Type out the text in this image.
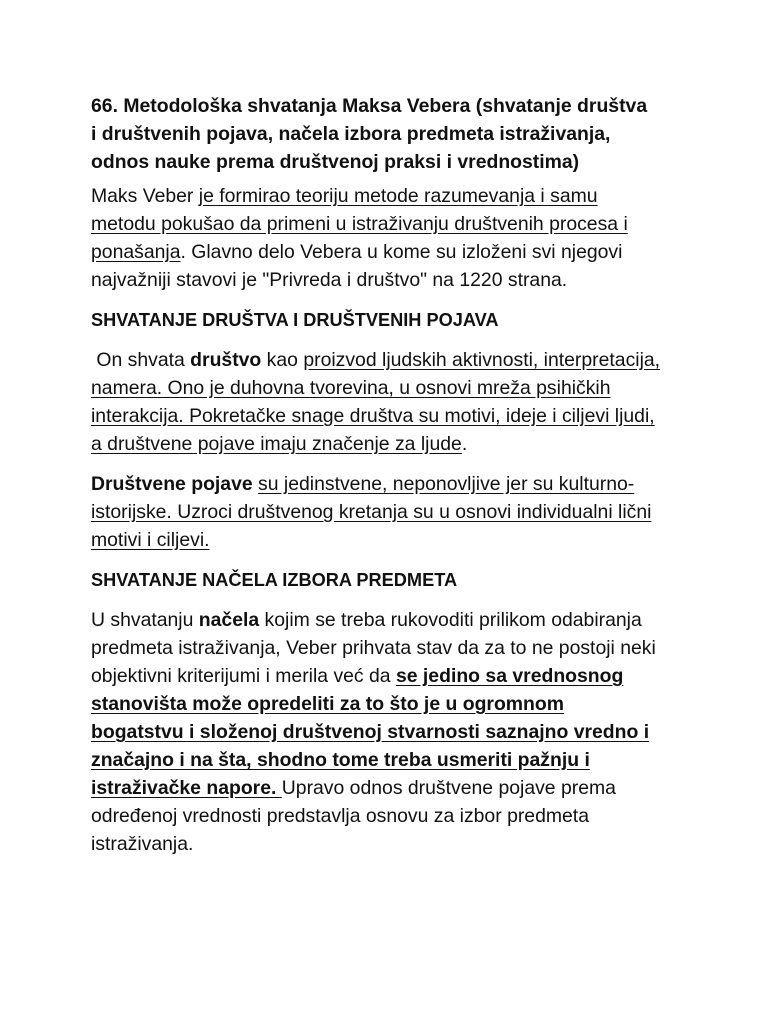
66. Metodološka shvatanja Maksa Vebera (shvatanje društva
i društvenih pojava, načela izbora predmeta istraživanja,
odnos nauke prema društvenoj praksi i vrednostima)

Maks Veber je formirao teoriju metode razumevanja i samu
metodu pokušao da primeni u istraživanju društvenih procesa i
ponašanja. Glavno delo Vebera u kome su izloženi svi njegovi
najvažniji stavovi je "Privreda i društvo" na 1220 strana.

SHVATANJE DRUŠTVA I DRUŠTVENIH POJAVA

On shvata društvo kao proizvod ljudskih aktivnosti, interpretacija,
namera. Ono je duhovna tvorevina, u osnovi mreža psihičkih
interakcija. Pokretačke snage društva su motivi, ideje i ciljevi ljudi,
a društvene pojave imaju značenje za ljude.

Društvene pojave su jedinstvene, neponovljive jer su kulturno-
istorijske. Uzroci društvenog kretanja su u osnovi individualni lični
motivi i ciljevi.

SHVATANJE NAČELA IZBORA PREDMETA

U shvatanju načela kojim se treba rukovoditi prilikom odabiranja
predmeta istraživanja, Veber prihvata stav da za to ne postoji neki
objektivni kriterijumi i merila već da se jedino sa vrednosnog
stanovišta može opredeliti za to što je u ogromnom
bogatstvu i složenoj društvenoj stvarnosti saznajno vredno i
značajno i na šta, shodno tome treba usmeriti pažnju i
istraživačke napore. Upravo odnos društvene pojave prema
određenoj vrednosti predstavlja osnovu za izbor predmeta
istraživanja.
